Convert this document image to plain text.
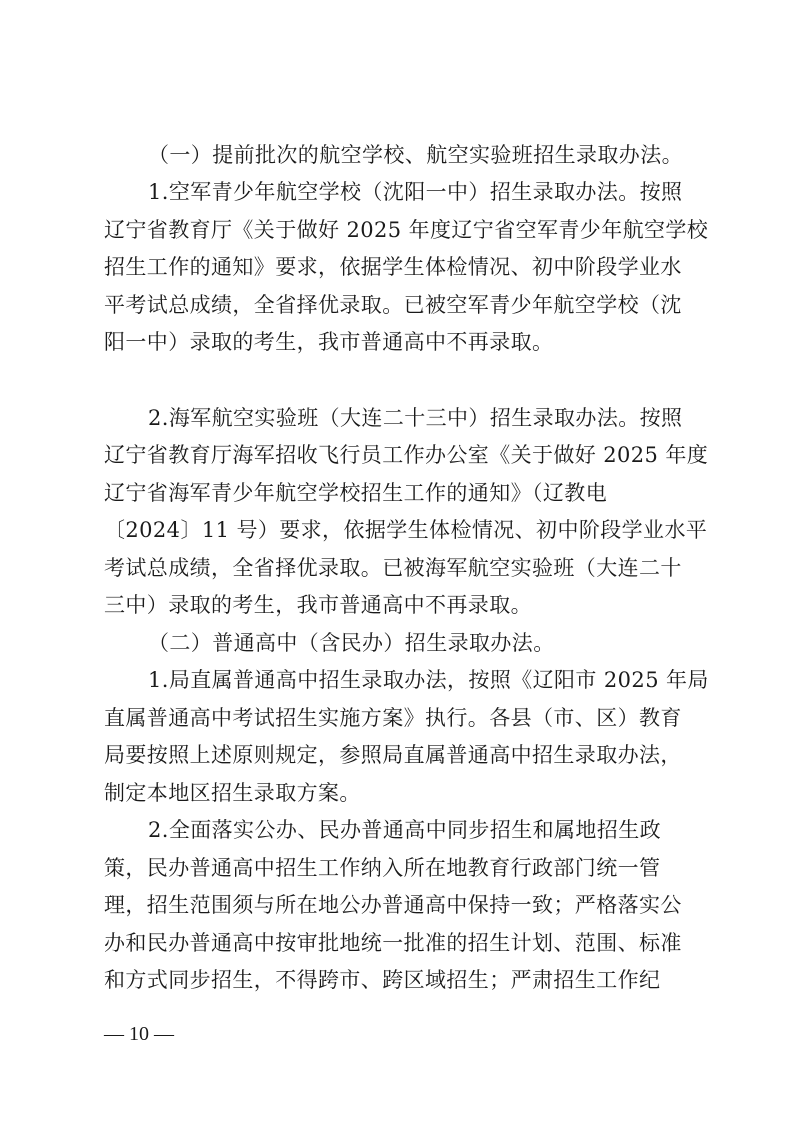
（一）提前批次的航空学校、航空实验班招生录取办法。
1.空军青少年航空学校（沈阳一中）招生录取办法。按照
辽宁省教育厅《关于做好 2025 年度辽宁省空军青少年航空学校
招生工作的通知》要求，依据学生体检情况、初中阶段学业水
平考试总成绩，全省择优录取。已被空军青少年航空学校（沈
阳一中）录取的考生，我市普通高中不再录取。
2.海军航空实验班（大连二十三中）招生录取办法。按照
辽宁省教育厅海军招收飞行员工作办公室《关于做好 2025 年度
辽宁省海军青少年航空学校招生工作的通知》（辽教电
〔2024〕11 号）要求，依据学生体检情况、初中阶段学业水平
考试总成绩，全省择优录取。已被海军航空实验班（大连二十
三中）录取的考生，我市普通高中不再录取。
（二）普通高中（含民办）招生录取办法。
1.局直属普通高中招生录取办法，按照《辽阳市 2025 年局
直属普通高中考试招生实施方案》执行。各县（市、区）教育
局要按照上述原则规定，参照局直属普通高中招生录取办法，
制定本地区招生录取方案。
2.全面落实公办、民办普通高中同步招生和属地招生政
策，民办普通高中招生工作纳入所在地教育行政部门统一管
理，招生范围须与所在地公办普通高中保持一致；严格落实公
办和民办普通高中按审批地统一批准的招生计划、范围、标准
和方式同步招生，不得跨市、跨区域招生；严肃招生工作纪
— 10 —
